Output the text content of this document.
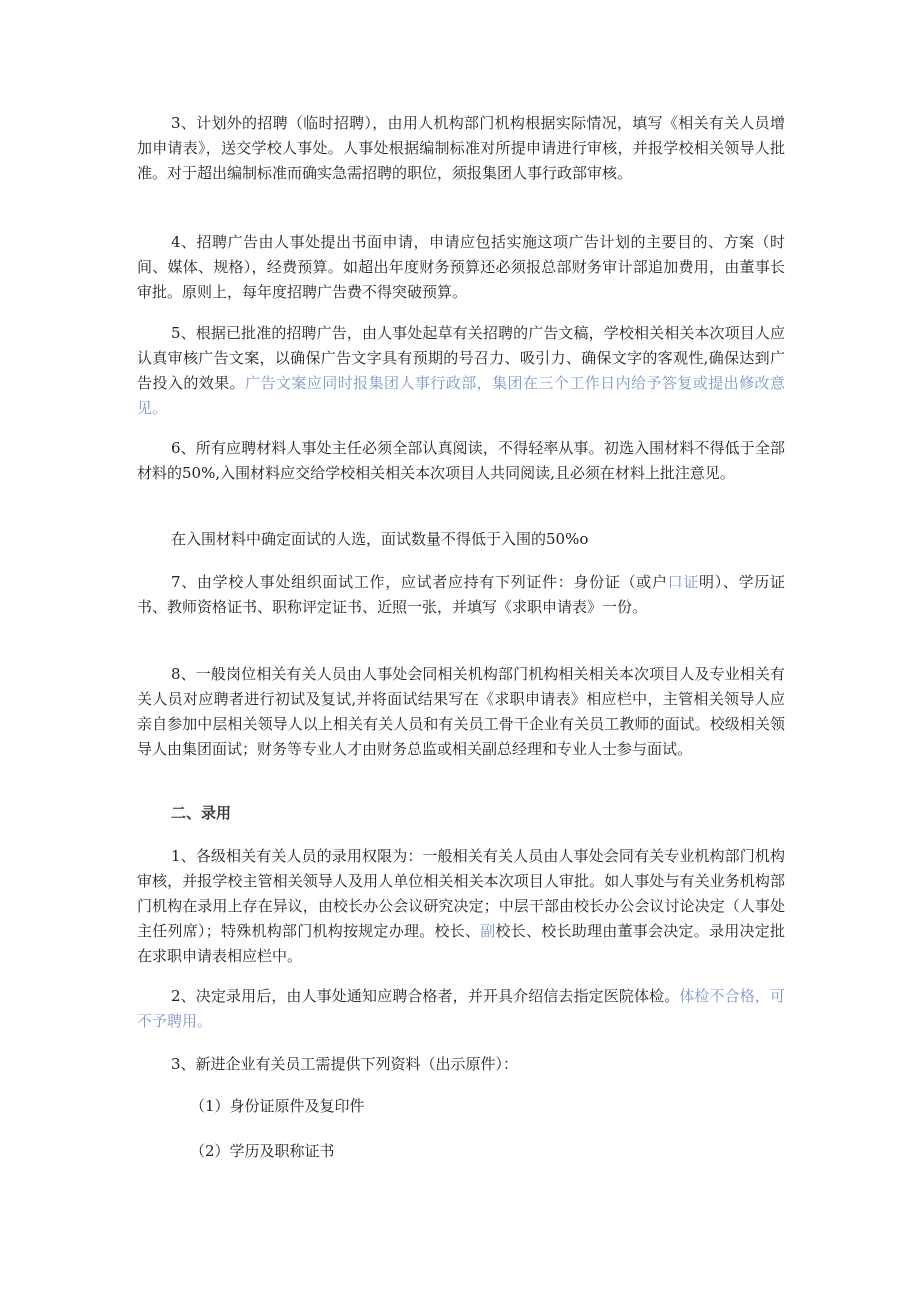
3、计划外的招聘（临时招聘），由用人机构部门机构根据实际情况，填写《相关有关人员增加申请表》，送交学校人事处。人事处根据编制标准对所提申请进行审核，并报学校相关领导人批准。对于超出编制标准而确实急需招聘的职位，须报集团人事行政部审核。

4、招聘广告由人事处提出书面申请，申请应包括实施这项广告计划的主要目的、方案（时间、媒体、规格），经费预算。如超出年度财务预算还必须报总部财务审计部追加费用，由董事长审批。原则上，每年度招聘广告费不得突破预算。

5、根据已批准的招聘广告，由人事处起草有关招聘的广告文稿，学校相关相关本次项目人应认真审核广告文案，以确保广告文字具有预期的号召力、吸引力、确保文字的客观性,确保达到广告投入的效果。广告文案应同时报集团人事行政部，集团在三个工作日内给予答复或提出修改意见。

6、所有应聘材料人事处主任必须全部认真阅读，不得轻率从事。初选入围材料不得低于全部材料的50%,入围材料应交给学校相关相关本次项目人共同阅读,且必须在材料上批注意见。

在入围材料中确定面试的人选，面试数量不得低于入围的50%o

7、由学校人事处组织面试工作，应试者应持有下列证件：身份证（或户口证明）、学历证书、教师资格证书、职称评定证书、近照一张，并填写《求职申请表》一份。

8、一般岗位相关有关人员由人事处会同相关机构部门机构相关相关本次项目人及专业相关有关人员对应聘者进行初试及复试,并将面试结果写在《求职申请表》相应栏中，主管相关领导人应亲自参加中层相关领导人以上相关有关人员和有关员工骨干企业有关员工教师的面试。校级相关领导人由集团面试；财务等专业人才由财务总监或相关副总经理和专业人士参与面试。

二、录用

1、各级相关有关人员的录用权限为：一般相关有关人员由人事处会同有关专业机构部门机构审核，并报学校主管相关领导人及用人单位相关相关本次项目人审批。如人事处与有关业务机构部门机构在录用上存在异议，由校长办公会议研究决定；中层干部由校长办公会议讨论决定（人事处主任列席）；特殊机构部门机构按规定办理。校长、副校长、校长助理由董事会决定。录用决定批在求职申请表相应栏中。

2、决定录用后，由人事处通知应聘合格者，并开具介绍信去指定医院体检。体检不合格，可不予聘用。

3、新进企业有关员工需提供下列资料（出示原件）：

（1）身份证原件及复印件

（2）学历及职称证书
